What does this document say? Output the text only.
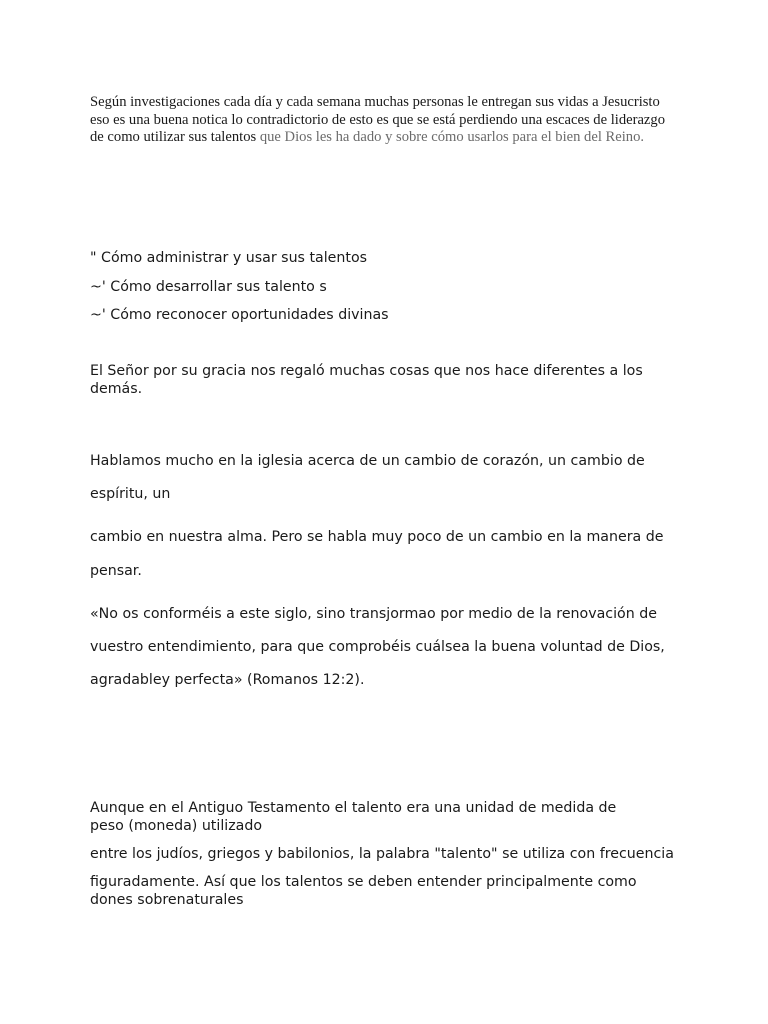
Según investigaciones cada día y cada semana muchas personas le entregan sus vidas a Jesucristo eso es una buena notica lo contradictorio de esto es que se está perdiendo una escaces de liderazgo de como utilizar sus talentos que Dios les ha dado y sobre cómo usarlos para el bien del Reino.

" Cómo administrar y usar sus talentos

~' Cómo desarrollar sus talento s

~' Cómo reconocer oportunidades divinas

El Señor por su gracia nos regaló muchas cosas que nos hace diferentes a los demás.

Hablamos mucho en la iglesia acerca de un cambio de corazón, un cambio de

espíritu, un

cambio en nuestra alma. Pero se habla muy poco de un cambio en la manera de

pensar.

«No os conforméis a este siglo, sino transjormao por medio de la renovación de

vuestro entendimiento, para que comprobéis cuálsea la buena voluntad de Dios,

agradabley perfecta» (Romanos 12:2).

Aunque en el Antiguo Testamento el talento era una unidad de medida de peso (moneda) utilizado

entre los judíos, griegos y babilonios, la palabra "talento" se utiliza con frecuencia

figuradamente. Así que los talentos se deben entender principalmente como dones sobrenaturales
